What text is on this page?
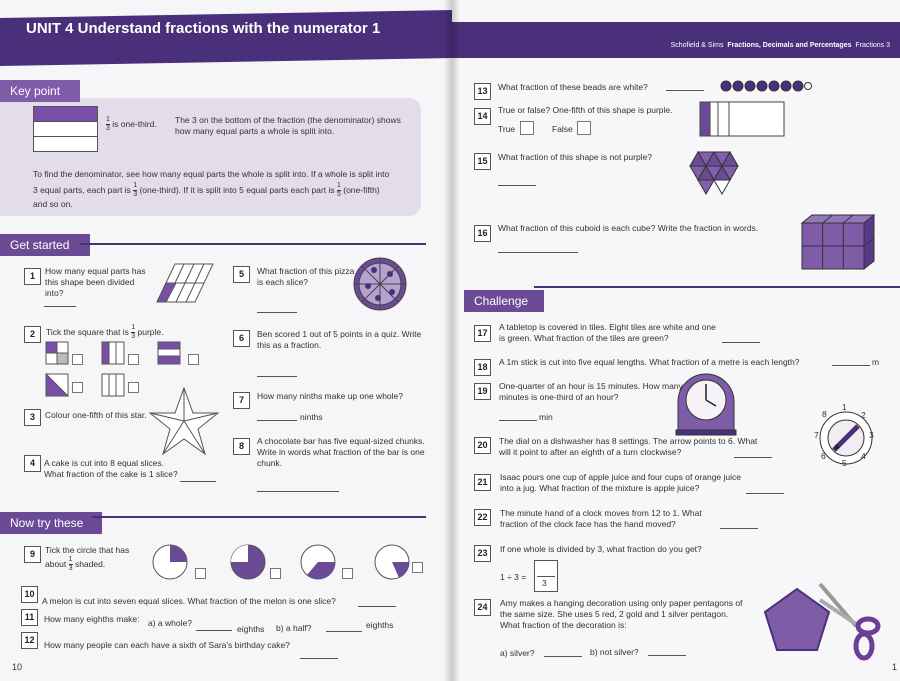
UNIT 4 Understand fractions with the numerator 1
Key point
$\frac{1}{3}$ is one-third. The 3 on the bottom of the fraction (the denominator) shows how many equal parts a whole is split into.
To find the denominator, see how many equal parts the whole is split into. If a whole is split into
3 equal parts, each part is $\frac{1}{3}$ (one-third). If it is split into 5 equal parts each part is $\frac{1}{5}$ (one-fifth)
and so on.
Get started
1	How many equal parts has this shape been divided into?
2	Tick the square that is $\frac{1}{3}$ purple.
3	Colour one-fifth of this star.
4	A cake is cut into 8 equal slices. What fraction of the cake is 1 slice?
5	What fraction of this pizza is each slice?
6	Ben scored 1 out of 5 points in a quiz. Write this as a fraction.
7	How many ninths make up one whole?
ninths
8	A chocolate bar has five equal-sized chunks. Write in words what fraction of the bar is one chunk.
Now try these
9	Tick the circle that has
about $\frac{1}{3}$ shaded.
10
A melon is cut into seven equal slices. What fraction of the melon is one slice?
11	How many eighths make: a) a whole?
eighths b) a half?	eighths
12	How many people can each have a sixth of Sara's birthday cake?
10
Schofield & Sims Fractions, Decimals and Percentages Fractions 3
13	What fraction of these beads are white?
14
True or false? One-fifth of this shape is purple.
True	False
15	What fraction of this shape is not purple?
16	What fraction of this cuboid is each cube? Write the fraction in words.
Challenge
17
A tabletop is covered in tiles. Eight tiles are white and one is green. What fraction of the tiles are green?
18	A 1m stick is cut into five equal lengths. What fraction of a metre is each length?	m
19	One-quarter of an hour is 15 minutes. How many minutes is one-third of an hour?
min
20	The dial on a dishwasher has 8 settings. The arrow points to 6. What will it point to after an eighth of a turn clockwise?
1
2
3
4
5
6
7
8
21	Isaac pours one cup of apple juice and four cups of orange juice into a jug. What fraction of the mixture is apple juice?
22	The minute hand of a clock moves from 12 to 1. What fraction of the clock face has the hand moved?
23	If one whole is divided by 3, what fraction do you get?
1 ÷ 3 =
3
24	Amy makes a hanging decoration using only paper pentagons of the same size. She uses 5 red, 2 gold and 1 silver pentagon. What fraction of the decoration is:
a) silver?	b) not silver?
1
